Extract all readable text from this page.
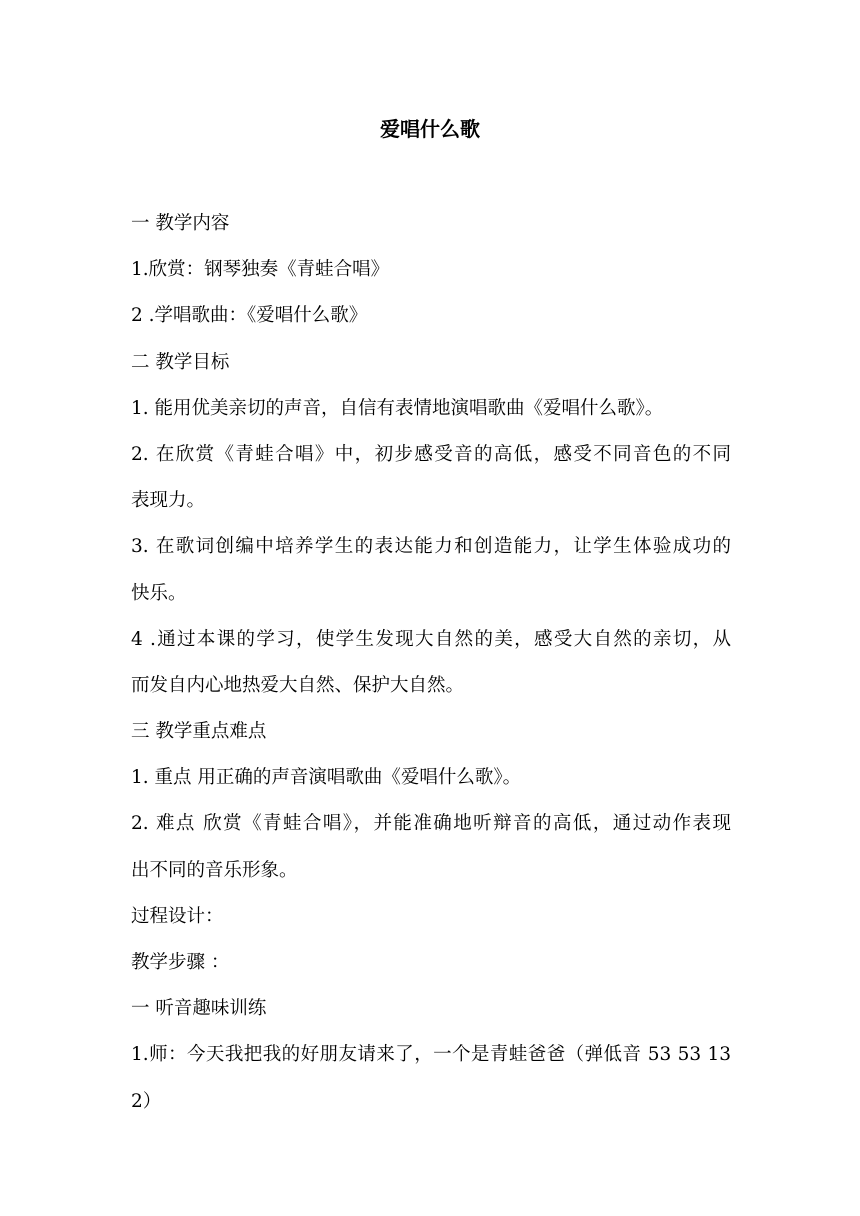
爱唱什么歌
一 教学内容
1.欣赏：钢琴独奏《青蛙合唱》
2 .学唱歌曲：《爱唱什么歌》
二 教学目标
1. 能用优美亲切的声音，自信有表情地演唱歌曲《爱唱什么歌》。
2. 在欣赏《青蛙合唱》中，初步感受音的高低，感受不同音色的不同
表现力。
3. 在歌词创编中培养学生的表达能力和创造能力，让学生体验成功的
快乐。
4 .通过本课的学习，使学生发现大自然的美，感受大自然的亲切，从
而发自内心地热爱大自然、保护大自然。
三 教学重点难点
1. 重点 用正确的声音演唱歌曲《爱唱什么歌》。
2. 难点 欣赏《青蛙合唱》，并能准确地听辩音的高低，通过动作表现
出不同的音乐形象。
过程设计：
教学步骤 ：
一 听音趣味训练
1.师：今天我把我的好朋友请来了，一个是青蛙爸爸（弹低音 53 53 13
2）
